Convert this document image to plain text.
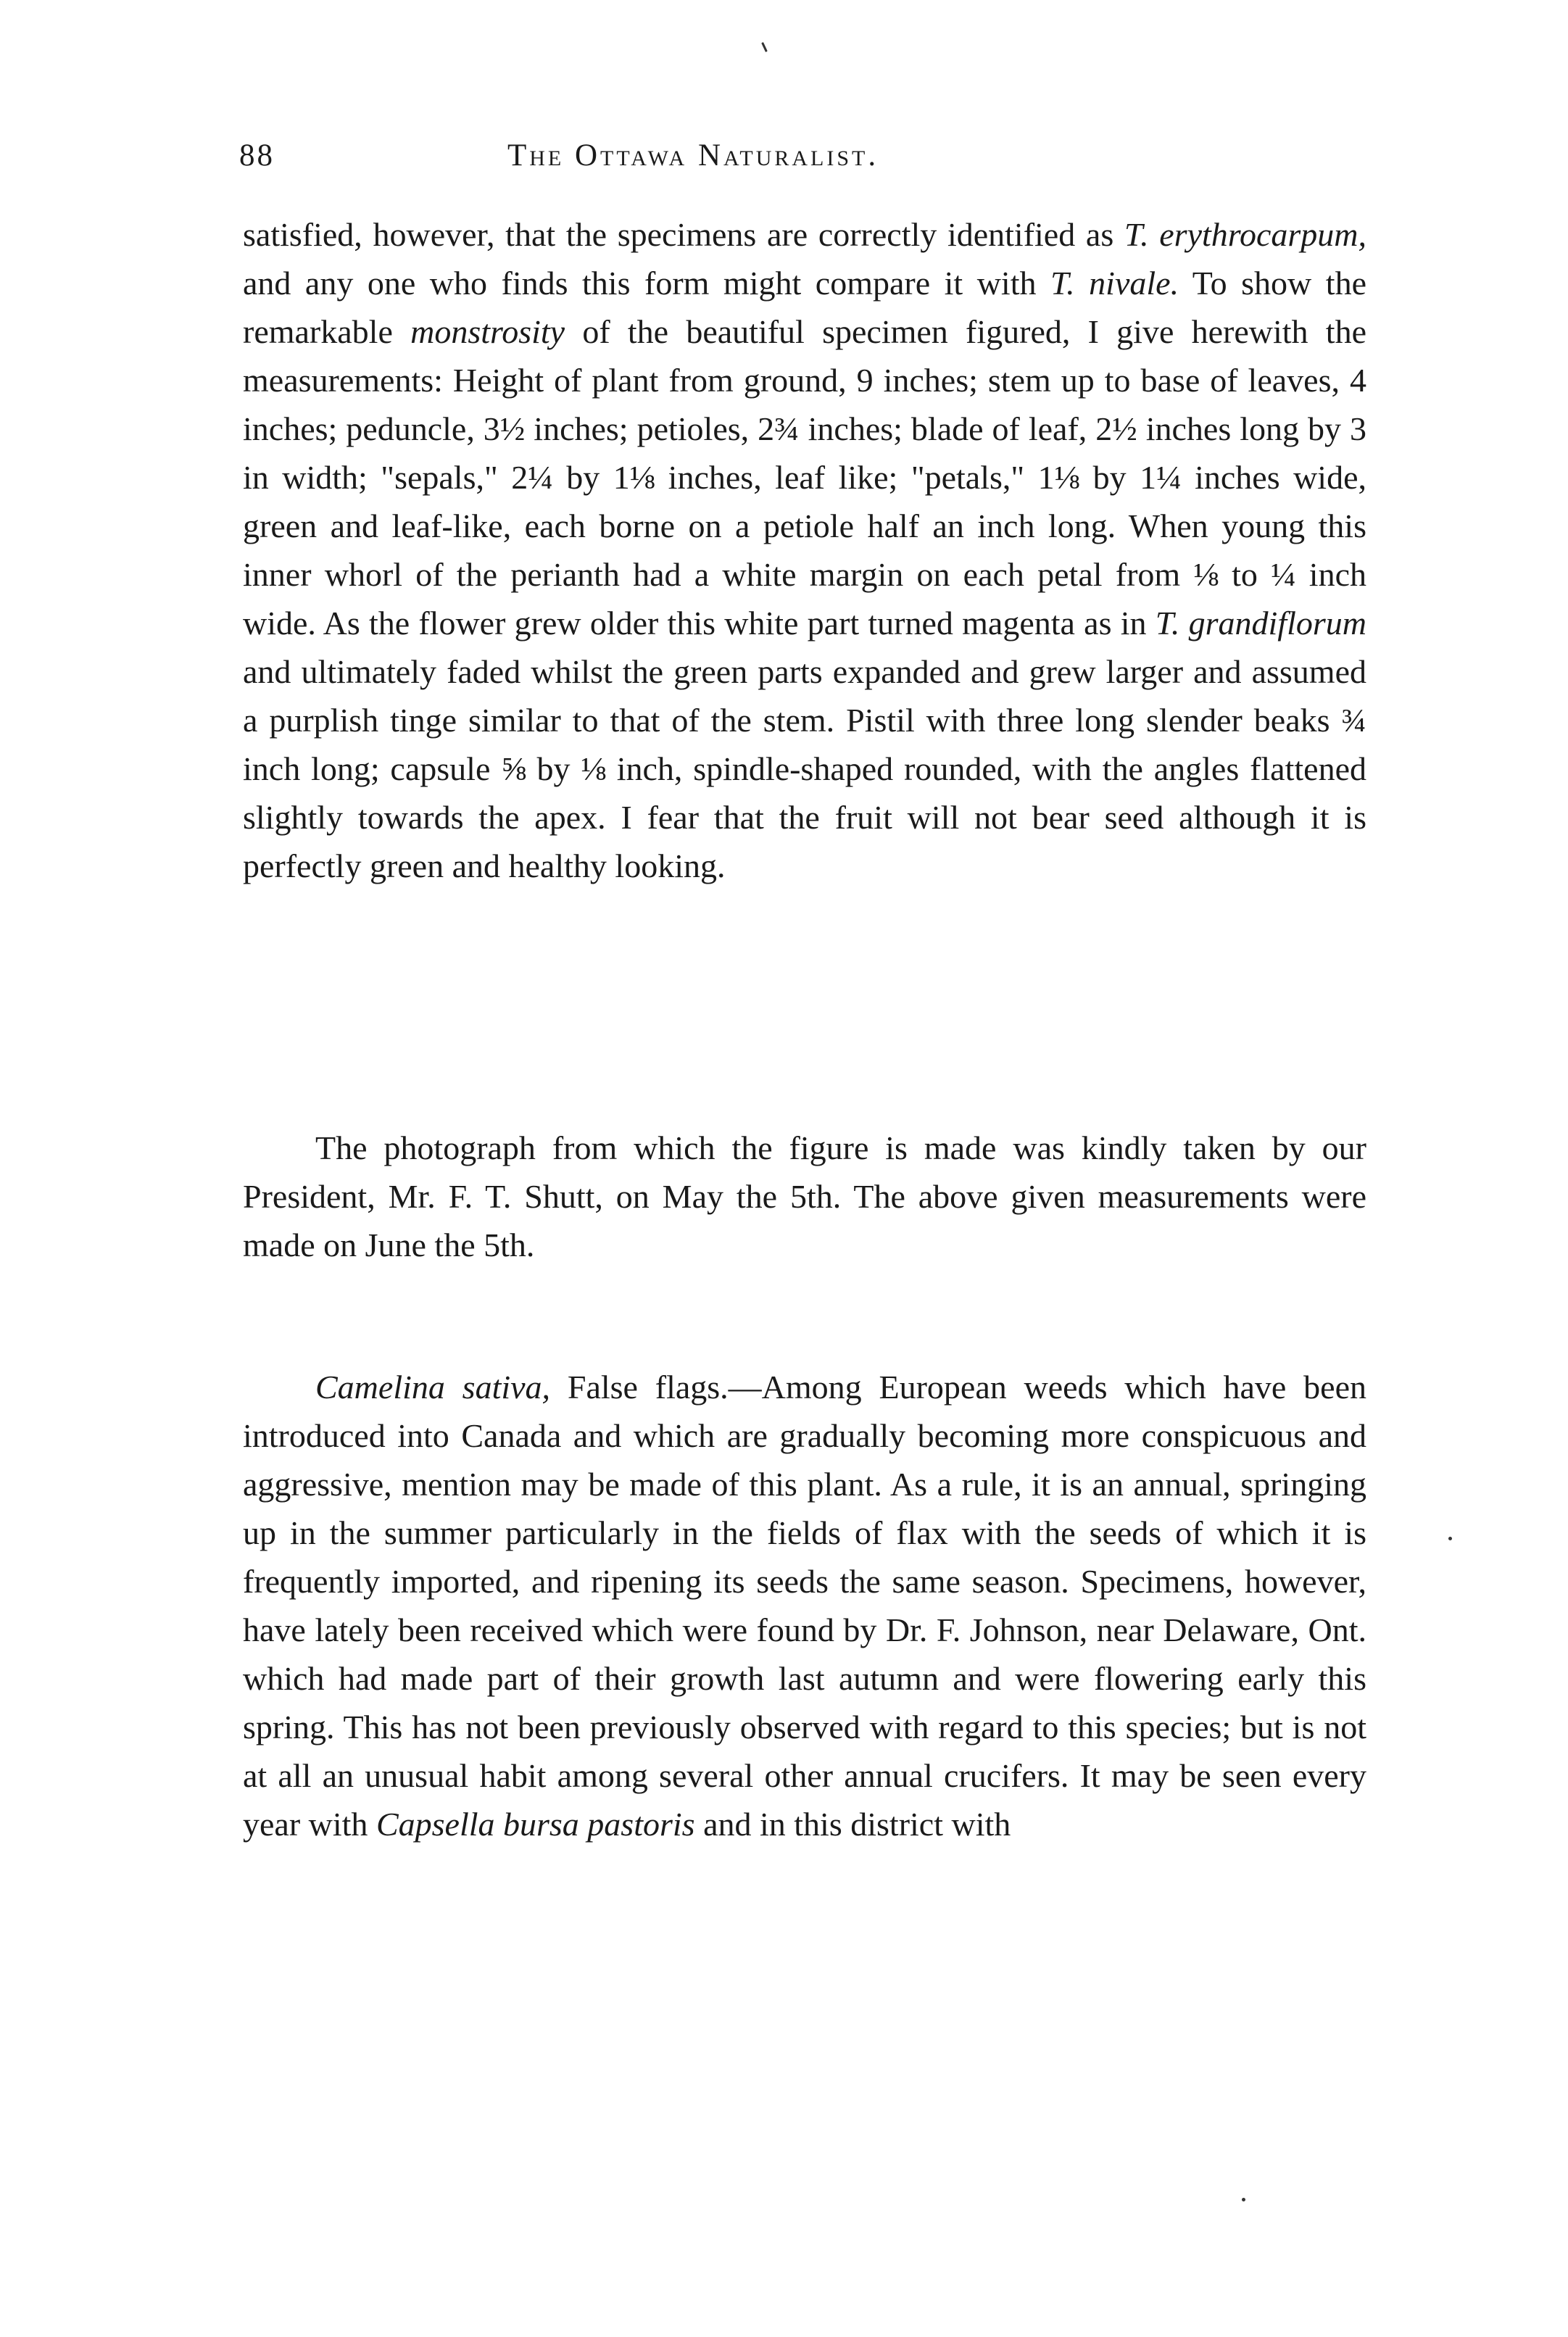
88	The Ottawa Naturalist.

satisfied, however, that the specimens are correctly identified as T. erythrocarpum, and any one who finds this form might compare it with T. nivale. To show the remarkable monstrosity of the beautiful specimen figured, I give herewith the measurements: Height of plant from ground, 9 inches; stem up to base of leaves, 4 inches; peduncle, 3½ inches; petioles, 2¾ inches; blade of leaf, 2½ inches long by 3 in width; "sepals," 2¼ by 1⅛ inches, leaf like; "petals," 1⅛ by 1¼ inches wide, green and leaf-like, each borne on a petiole half an inch long. When young this inner whorl of the perianth had a white margin on each petal from ⅛ to ¼ inch wide. As the flower grew older this white part turned magenta as in T. grandiflorum and ultimately faded whilst the green parts expanded and grew larger and assumed a purplish tinge similar to that of the stem. Pistil with three long slender beaks ¾ inch long; capsule ⅝ by ⅛ inch, spindle-shaped rounded, with the angles flattened slightly towards the apex. I fear that the fruit will not bear seed although it is perfectly green and healthy looking.

The photograph from which the figure is made was kindly taken by our President, Mr. F. T. Shutt, on May the 5th. The above given measurements were made on June the 5th.

Camelina sativa, False flags.—Among European weeds which have been introduced into Canada and which are gradually becoming more conspicuous and aggressive, mention may be made of this plant. As a rule, it is an annual, springing up in the summer particularly in the fields of flax with the seeds of which it is frequently imported, and ripening its seeds the same season. Specimens, however, have lately been received which were found by Dr. F. Johnson, near Delaware, Ont. which had made part of their growth last autumn and were flowering early this spring. This has not been previously observed with regard to this species; but is not at all an unusual habit among several other annual crucifers. It may be seen every year with Capsella bursa pastoris and in this district with
